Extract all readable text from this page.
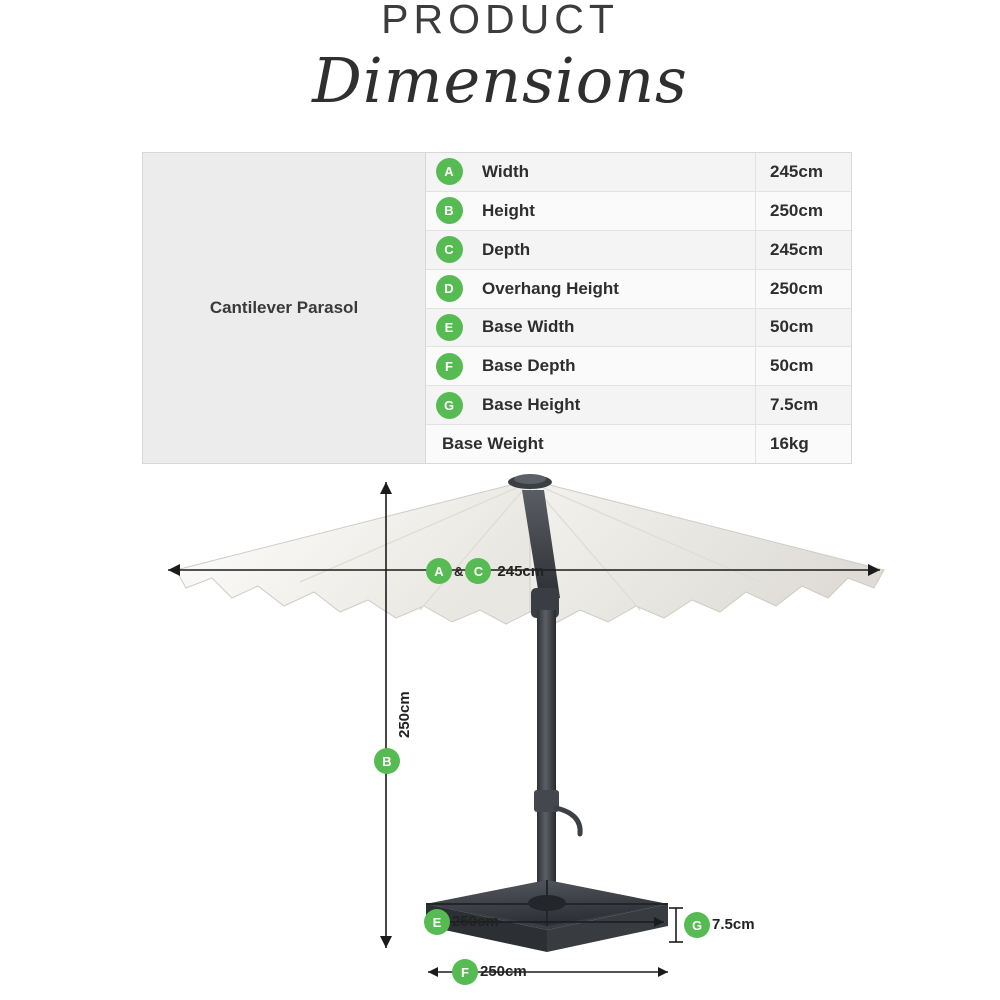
PRODUCT
Dimensions
Cantilever Parasol
A	Width	245cm
B	Height	250cm
C	Depth	245cm
D	Overhang Height	250cm
E	Base Width	50cm
F	Base Depth	50cm
G	Base Height	7.5cm
Base Weight	16kg
A & C 245cm
B
250cm
E 250cm
F 250cm
G 7.5cm
